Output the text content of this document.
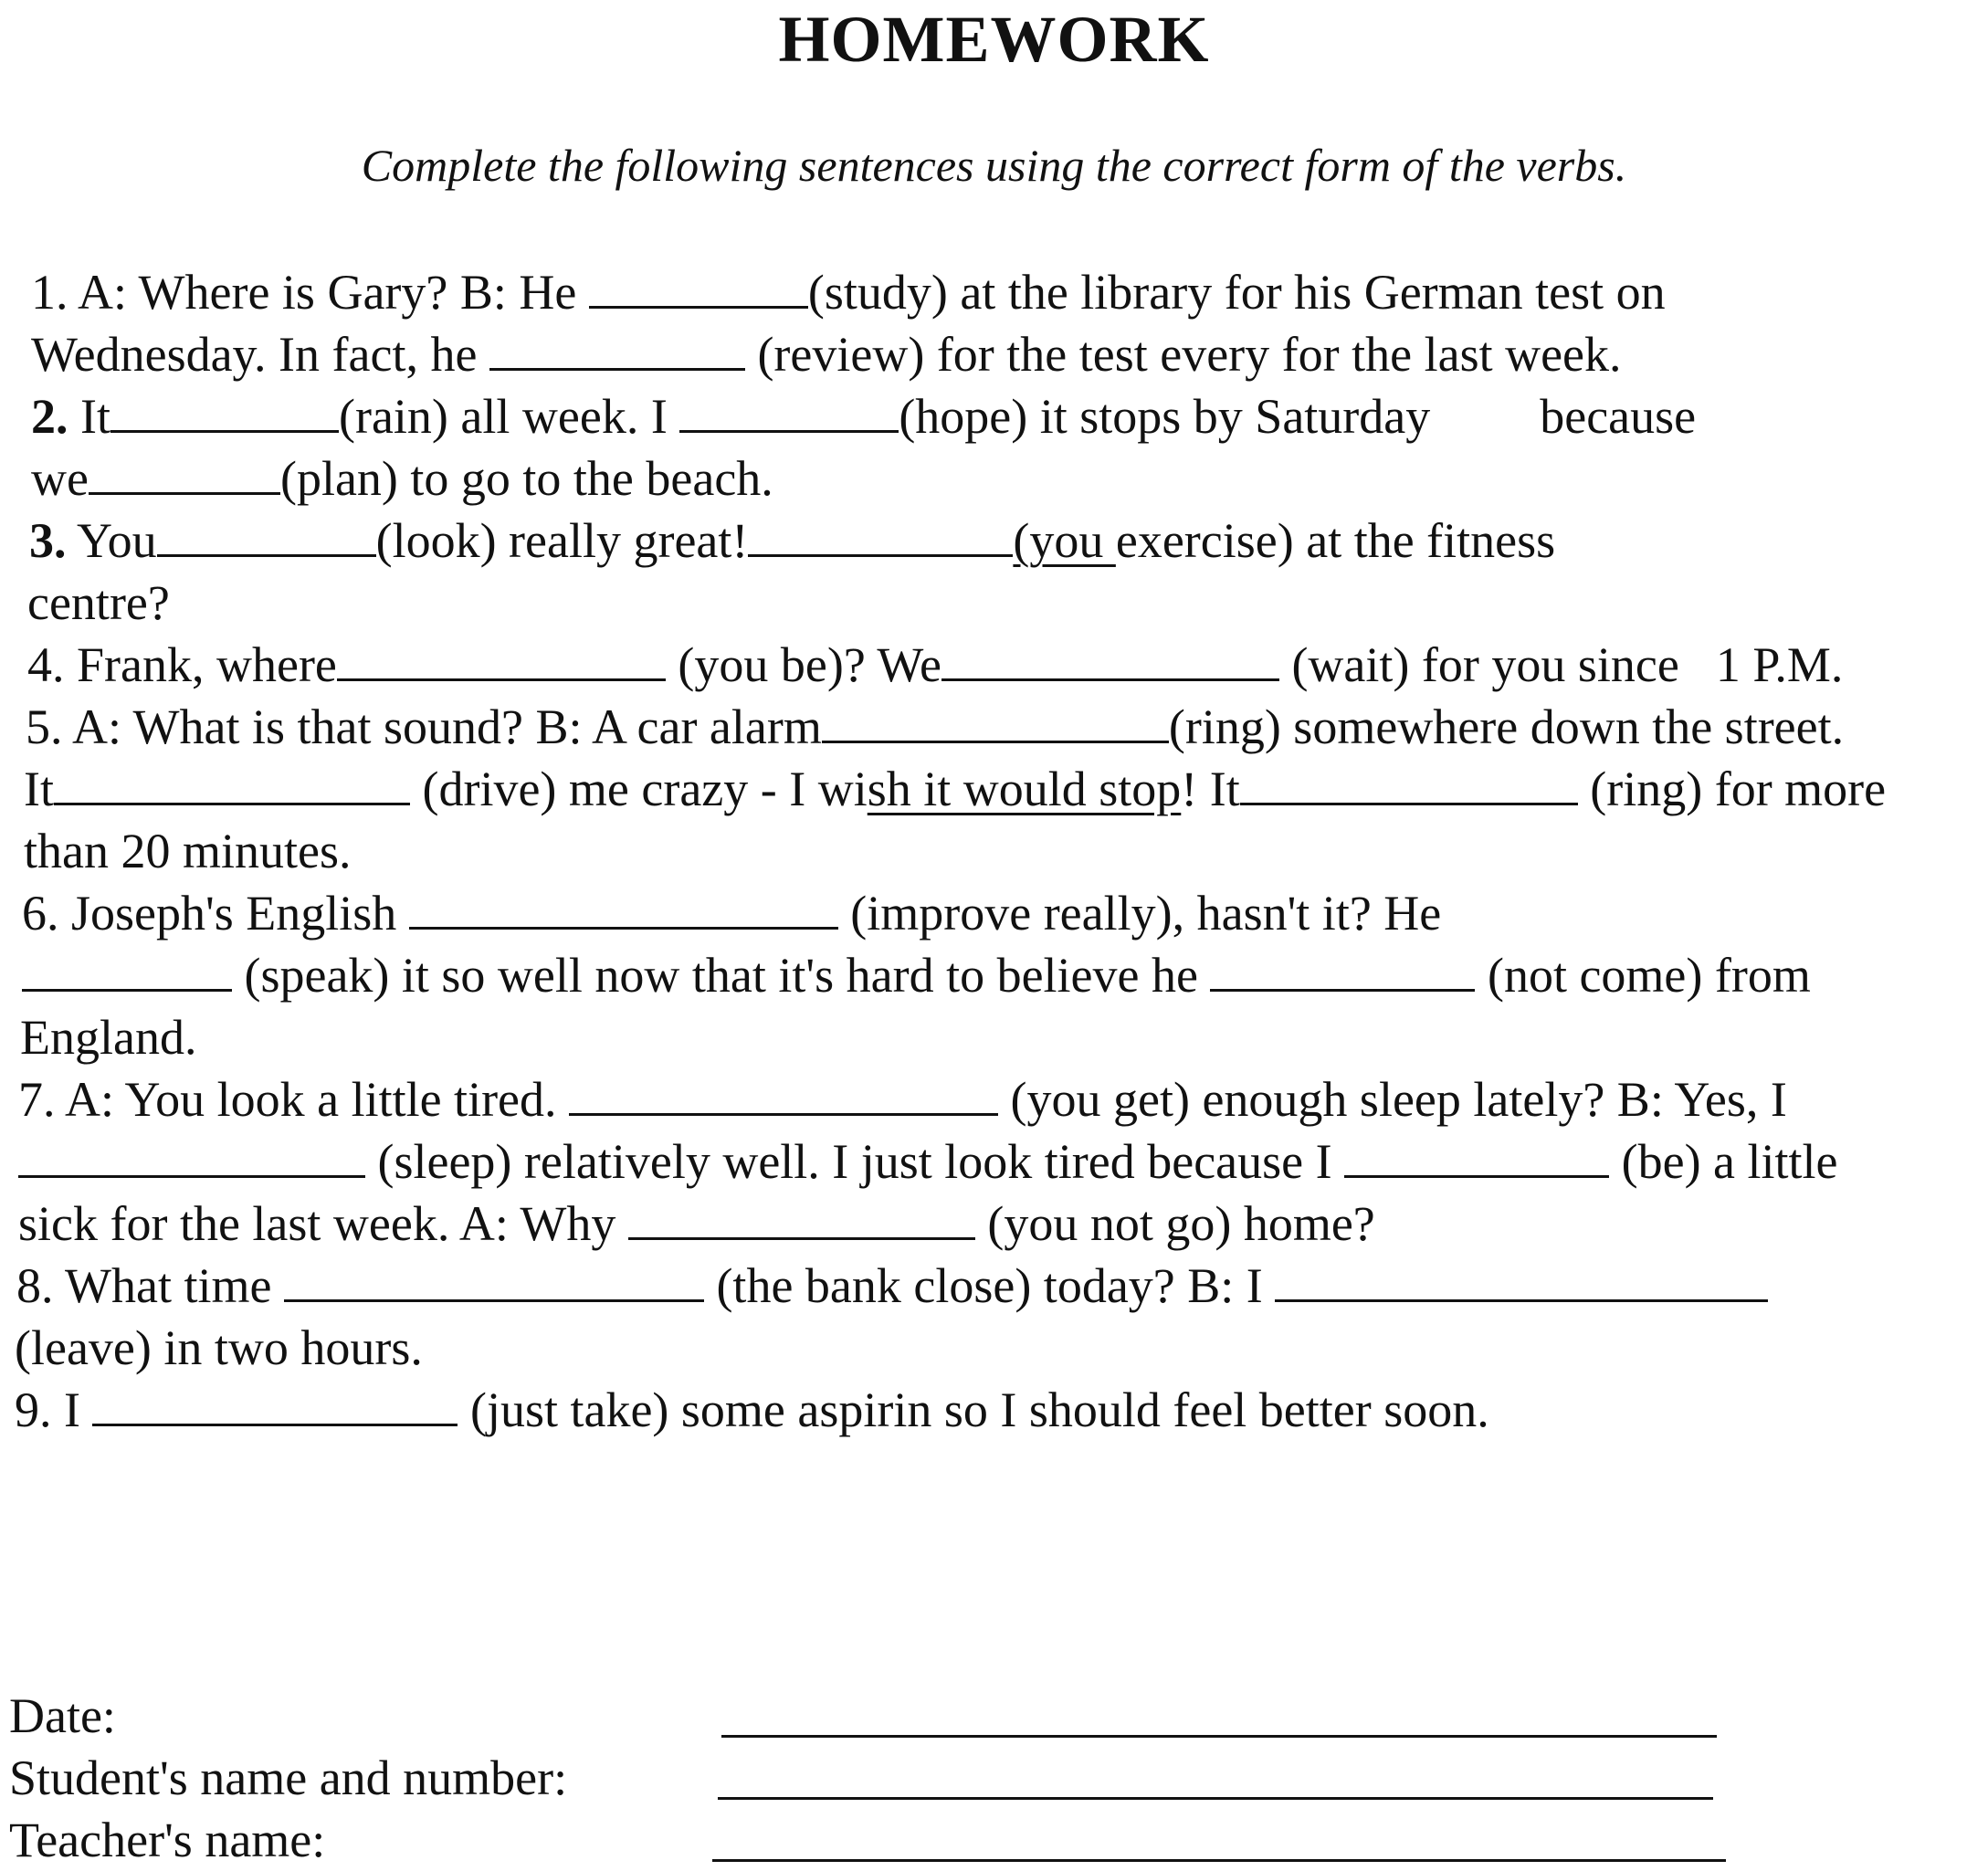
HOMEWORK
Complete the following sentences using the correct form of the verbs.
1. A: Where is Gary? B: He	(study) at the library for his German test on
Wednesday. In fact, he	(review) for the test every for the last week.
2. It	(rain) all week. I	(hope) it stops by Saturday because
we	(plan) to go to the beach.
3. You	(look) really great!	(you exercise) at the fitness
centre?
4. Frank, where	(you be)? We	(wait) for you since 1 P.M.
5. A: What is that sound? B: A car alarm	(ring) somewhere down the street.
It	(drive) me crazy - I wish it would stop! It	(ring) for more
than 20 minutes.
6. Joseph's English	(improve really), hasn't it? He
(speak) it so well now that it's hard to believe he	(not come) from
England.
7. A: You look a little tired.	(you get) enough sleep lately? B: Yes, I
(sleep) relatively well. I just look tired because I	(be) a little
sick for the last week. A: Why	(you not go) home?
8. What time	(the bank close) today? B: I
(leave) in two hours.
9. I	(just take) some aspirin so I should feel better soon.
Date:
Student's name and number:
Teacher's name:
